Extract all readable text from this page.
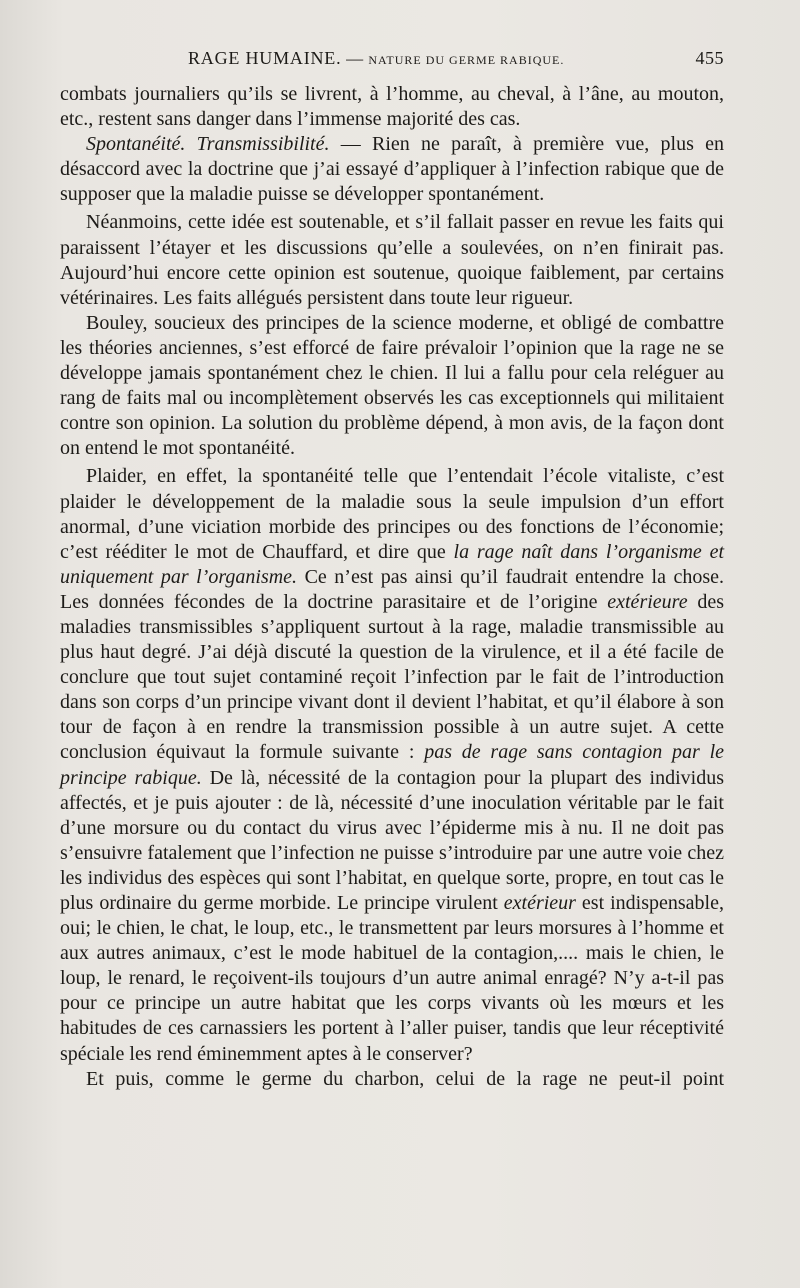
RAGE HUMAINE. — NATURE DU GERME RABIQUE.	455

combats journaliers qu’ils se livrent, à l’homme, au cheval, à l’âne, au mouton, etc., restent sans danger dans l’immense majorité des cas.

Spontanéité. Transmissibilité. — Rien ne paraît, à première vue, plus en désaccord avec la doctrine que j’ai essayé d’appliquer à l’infection rabique que de supposer que la maladie puisse se développer spontanément.

Néanmoins, cette idée est soutenable, et s’il fallait passer en revue les faits qui paraissent l’étayer et les discussions qu’elle a soulevées, on n’en finirait pas. Aujourd’hui encore cette opinion est soutenue, quoique faiblement, par certains vétérinaires. Les faits allégués persistent dans toute leur rigueur.

Bouley, soucieux des principes de la science moderne, et obligé de combattre les théories anciennes, s’est efforcé de faire prévaloir l’opinion que la rage ne se développe jamais spontanément chez le chien. Il lui a fallu pour cela reléguer au rang de faits mal ou incomplètement observés les cas exceptionnels qui militaient contre son opinion. La solution du problème dépend, à mon avis, de la façon dont on entend le mot spontanéité.

Plaider, en effet, la spontanéité telle que l’entendait l’école vitaliste, c’est plaider le développement de la maladie sous la seule impulsion d’un effort anormal, d’une viciation morbide des principes ou des fonctions de l’économie; c’est rééditer le mot de Chauffard, et dire que la rage naît dans l’organisme et uniquement par l’organisme. Ce n’est pas ainsi qu’il faudrait entendre la chose. Les données fécondes de la doctrine parasitaire et de l’origine extérieure des maladies transmissibles s’appliquent surtout à la rage, maladie transmissible au plus haut degré. J’ai déjà discuté la question de la virulence, et il a été facile de conclure que tout sujet contaminé reçoit l’infection par le fait de l’introduction dans son corps d’un principe vivant dont il devient l’habitat, et qu’il élabore à son tour de façon à en rendre la transmission possible à un autre sujet. A cette conclusion équivaut la formule suivante : pas de rage sans contagion par le principe rabique. De là, nécessité de la contagion pour la plupart des individus affectés, et je puis ajouter : de là, nécessité d’une inoculation véritable par le fait d’une morsure ou du contact du virus avec l’épiderme mis à nu. Il ne doit pas s’ensuivre fatalement que l’infection ne puisse s’introduire par une autre voie chez les individus des espèces qui sont l’habitat, en quelque sorte, propre, en tout cas le plus ordinaire du germe morbide. Le principe virulent extérieur est indispensable, oui; le chien, le chat, le loup, etc., le transmettent par leurs morsures à l’homme et aux autres animaux, c’est le mode habituel de la contagion,.... mais le chien, le loup, le renard, le reçoivent-ils toujours d’un autre animal enragé? N’y a-t-il pas pour ce principe un autre habitat que les corps vivants où les mœurs et les habitudes de ces carnassiers les portent à l’aller puiser, tandis que leur réceptivité spéciale les rend éminemment aptes à le conserver?

Et puis, comme le germe du charbon, celui de la rage ne peut-il point
